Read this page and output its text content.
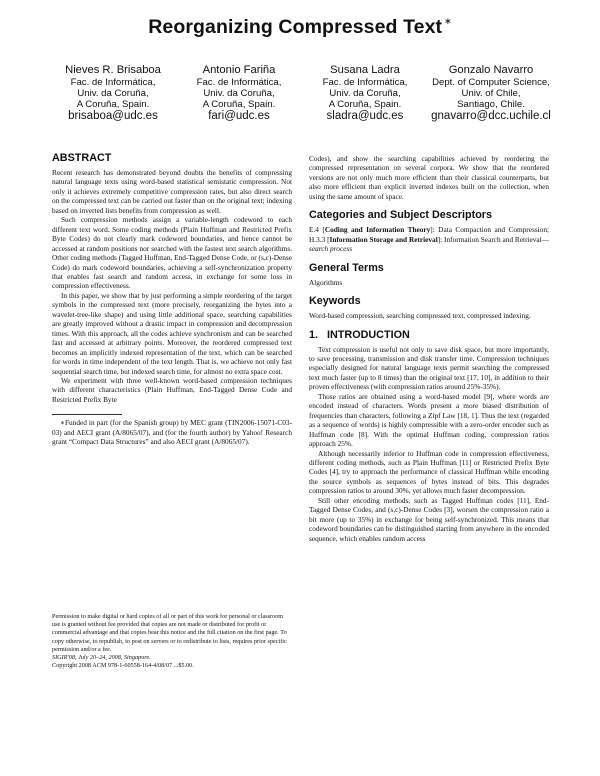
Reorganizing Compressed Text ∗
Nieves R. Brisaboa
Fac. de Informática,
Univ. da Coruña,
A Coruña, Spain.
brisaboa@udc.es
Antonio Fariña
Fac. de Informática,
Univ. da Coruña,
A Coruña, Spain.
fari@udc.es
Susana Ladra
Fac. de Informática,
Univ. da Coruña,
A Coruña, Spain.
sladra@udc.es
Gonzalo Navarro
Dept. of Computer Science,
Univ. of Chile,
Santiago, Chile.
gnavarro@dcc.uchile.cl
ABSTRACT

Recent research has demonstrated beyond doubts the benefits of compressing natural language texts using word-based statistical semistatic compression. Not only it achieves extremely competitive compression rates, but also direct search on the compressed text can be carried out faster than on the original text; indexing based on inverted lists benefits from compression as well.

Such compression methods assign a variable-length codeword to each different text word. Some coding methods (Plain Huffman and Restricted Prefix Byte Codes) do not clearly mark codeword boundaries, and hence cannot be accessed at random positions nor searched with the fastest text search algorithms. Other coding methods (Tagged Huffman, End-Tagged Dense Code, or (s,c)-Dense Code) do mark codeword boundaries, achieving a self-synchronization property that enables fast search and random access, in exchange for some loss in compression effectiveness.

In this paper, we show that by just performing a simple reordering of the target symbols in the compressed text (more precisely, reorganizing the bytes into a wavelet-tree-like shape) and using little additional space, searching capabilities are greatly improved without a drastic impact in compression and decompression times. With this approach, all the codes achieve synchronism and can be searched fast and accessed at arbitrary points. Moreover, the reordered compressed text becomes an implicitly indexed representation of the text, which can be searched for words in time independent of the text length. That is, we achieve not only fast sequential search time, but indexed search time, for almost no extra space cost.

We experiment with three well-known word-based compression techniques with different characteristics (Plain Huffman, End-Tagged Dense Code and Restricted Prefix Byte

∗Funded in part (for the Spanish group) by MEC grant (TIN2006-15071-C03-03) and AECI grant (A/8065/07), and (for the fourth author) by Yahoo! Research grant “Compact Data Structures” and also AECI grant (A/8065/07).

Permission to make digital or hard copies of all or part of this work for personal or classroom use is granted without fee provided that copies are not made or distributed for profit or commercial advantage and that copies bear this notice and the full citation on the first page. To copy otherwise, to republish, to post on servers or to redistribute to lists, requires prior specific permission and/or a fee.

SIGIR'08, July 20–24, 2008, Singapore.

Copyright 2008 ACM 978-1-60558-164-4/08/07 ...$5.00.

Codes), and show the searching capabilities achieved by reordering the compressed representation on several corpora. We show that the reordered versions are not only much more efficient than their classical counterparts, but also more efficient than explicit inverted indexes built on the collection, when using the same amount of space.

Categories and Subject Descriptors

E.4 [Coding and Information Theory]: Data Compaction and Compression; H.3.3 [Information Storage and Retrieval]: Information Search and Retrieval—search process

General Terms

Algorithms

Keywords

Word-based compression, searching compressed text, compressed indexing.

1.   INTRODUCTION

Text compression is useful not only to save disk space, but more importantly, to save processing, transmission and disk transfer time. Compression techniques especially designed for natural language texts permit searching the compressed text much faster (up to 8 times) than the original text [17, 10], in addition to their proven effectiveness (with compression ratios around 25%-35%).

Those ratios are obtained using a word-based model [9], where words are encoded instead of characters. Words present a more biased distribution of frequencies than characters, following a Zipf Law [18, 1]. Thus the text (regarded as a sequence of words) is highly compressible with a zero-order encoder such as Huffman code [8]. With the optimal Huffman coding, compression ratios approach 25%.

Although necessarily inferior to Huffman code in compression effectiveness, different coding methods, such as Plain Huffman [11] or Restricted Prefix Byte Codes [4], try to approach the performance of classical Huffman while encoding the source symbols as sequences of bytes instead of bits. This degrades compression ratios to around 30%, yet allows much faster decompression.

Still other encoding methods, such as Tagged Huffman codes [11], End-Tagged Dense Codes, and (s,c)-Dense Codes [3], worsen the compression ratio a bit more (up to 35%) in exchange for being self-synchronized. This means that codeword boundaries can be distinguished starting from anywhere in the encoded sequence, which enables random access
